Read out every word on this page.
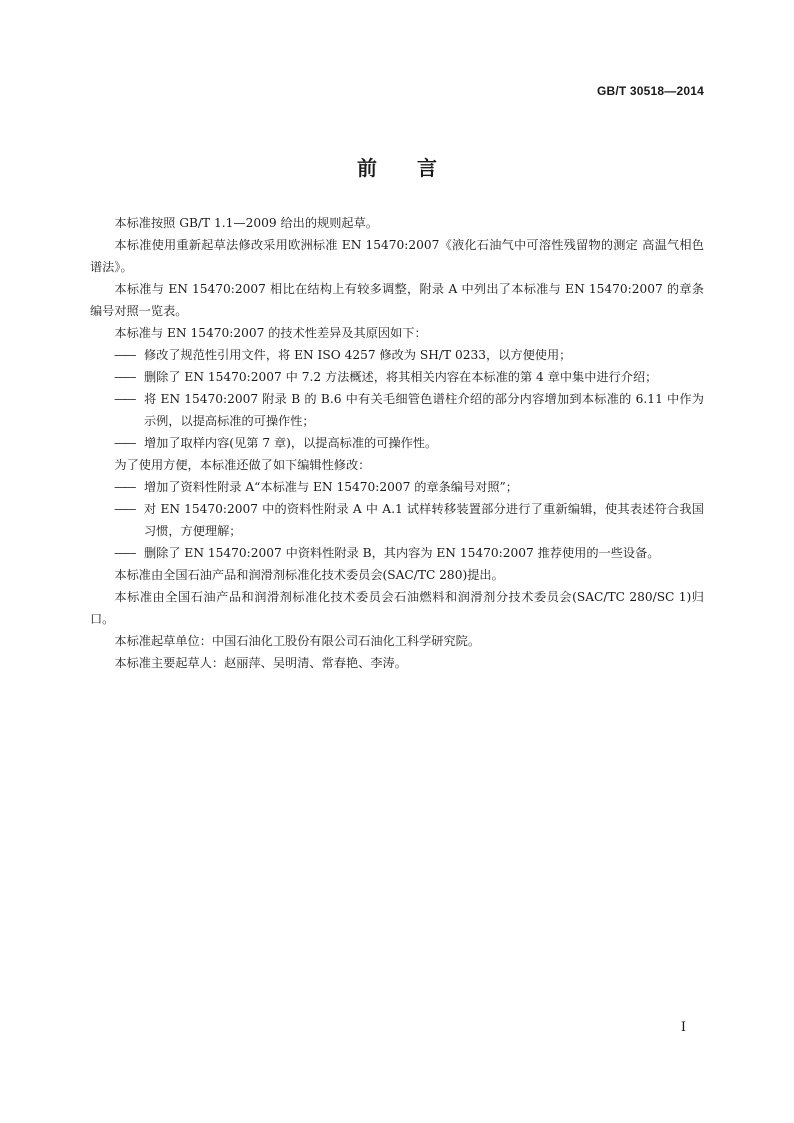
GB/T 30518—2014
前言

本标准按照 GB/T 1.1—2009 给出的规则起草。

本标准使用重新起草法修改采用欧洲标准 EN 15470:2007《液化石油气中可溶性残留物的测定 高温气相色谱法》。

本标准与 EN 15470:2007 相比在结构上有较多调整，附录 A 中列出了本标准与 EN 15470:2007 的章条编号对照一览表。

本标准与 EN 15470:2007 的技术性差异及其原因如下：

—— 修改了规范性引用文件，将 EN ISO 4257 修改为 SH/T 0233，以方便使用；
—— 删除了 EN 15470:2007 中 7.2 方法概述，将其相关内容在本标准的第 4 章中集中进行介绍；
—— 将 EN 15470:2007 附录 B 的 B.6 中有关毛细管色谱柱介绍的部分内容增加到本标准的 6.11 中作为示例，以提高标准的可操作性；
—— 增加了取样内容(见第 7 章)，以提高标准的可操作性。

为了使用方便，本标准还做了如下编辑性修改：

—— 增加了资料性附录 A“本标准与 EN 15470:2007 的章条编号对照”；
—— 对 EN 15470:2007 中的资料性附录 A 中 A.1 试样转移装置部分进行了重新编辑，使其表述符合我国习惯，方便理解；
—— 删除了 EN 15470:2007 中资料性附录 B，其内容为 EN 15470:2007 推荐使用的一些设备。

本标准由全国石油产品和润滑剂标准化技术委员会(SAC/TC 280)提出。

本标准由全国石油产品和润滑剂标准化技术委员会石油燃料和润滑剂分技术委员会(SAC/TC 280/SC 1)归口。

本标准起草单位：中国石油化工股份有限公司石油化工科学研究院。

本标准主要起草人：赵丽萍、吴明清、常春艳、李涛。

I
